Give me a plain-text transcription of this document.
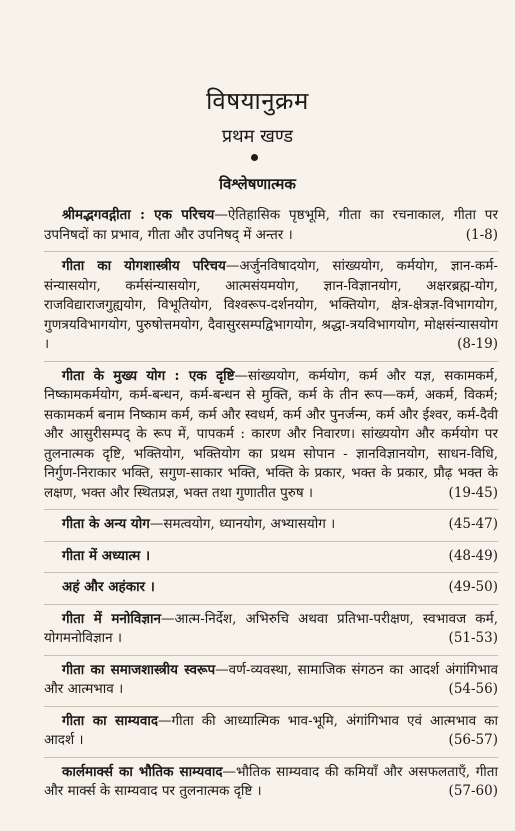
विषयानुक्रम
प्रथम खण्ड
विश्लेषणात्मक
श्रीमद्भगवद्गीता : एक परिचय—ऐतिहासिक पृष्ठभूमि, गीता का रचनाकाल, गीता पर उपनिषदों का प्रभाव, गीता और उपनिषद् में अन्तर ।	(1-8)
गीता का योगशास्त्रीय परिचय—अर्जुनविषादयोग, सांख्ययोग, कर्मयोग, ज्ञान-कर्म-संन्यासयोग, कर्मसंन्यासयोग, आत्मसंयमयोग, ज्ञान-विज्ञानयोग, अक्षरब्रह्म-योग, राजविद्याराजगुह्ययोग, विभूतियोग, विश्वरूप-दर्शनयोग, भक्तियोग, क्षेत्र-क्षेत्रज्ञ-विभागयोग, गुणत्रयविभागयोग, पुरुषोत्तमयोग, दैवासुरसम्पद्विभागयोग, श्रद्धा-त्रयविभागयोग, मोक्षसंन्यासयोग ।	(8-19)
गीता के मुख्य योग : एक दृष्टि—सांख्ययोग, कर्मयोग, कर्म और यज्ञ, सकामकर्म, निष्कामकर्मयोग, कर्म-बन्धन, कर्म-बन्धन से मुक्ति, कर्म के तीन रूप—कर्म, अकर्म, विकर्म; सकामकर्म बनाम निष्काम कर्म, कर्म और स्वधर्म, कर्म और पुनर्जन्म, कर्म और ईश्वर, कर्म-दैवी और आसुरीसम्पद् के रूप में, पापकर्म : कारण और निवारण। सांख्ययोग और कर्मयोग पर तुलनात्मक दृष्टि, भक्तियोग, भक्तियोग का प्रथम सोपान - ज्ञानविज्ञानयोग, साधन-विधि, निर्गुण-निराकार भक्ति, सगुण-साकार भक्ति, भक्ति के प्रकार, भक्त के प्रकार, प्रौढ़ भक्त के लक्षण, भक्त और स्थितप्रज्ञ, भक्त तथा गुणातीत पुरुष ।	(19-45)
गीता के अन्य योग—समत्वयोग, ध्यानयोग, अभ्यासयोग ।	(45-47)
गीता में अध्यात्म ।	(48-49)
अहं और अहंकार ।	(49-50)
गीता में मनोविज्ञान—आत्म-निर्देश, अभिरुचि अथवा प्रतिभा-परीक्षण, स्वभावज कर्म, योगमनोविज्ञान ।	(51-53)
गीता का समाजशास्त्रीय स्वरूप—वर्ण-व्यवस्था, सामाजिक संगठन का आदर्श अंगांगिभाव और आत्मभाव ।	(54-56)
गीता का साम्यवाद—गीता की आध्यात्मिक भाव-भूमि, अंगांगिभाव एवं आत्मभाव का आदर्श ।	(56-57)
कार्लमार्क्स का भौतिक साम्यवाद—भौतिक साम्यवाद की कमियाँ और असफलताएँ, गीता और मार्क्स के साम्यवाद पर तुलनात्मक दृष्टि ।	(57-60)
